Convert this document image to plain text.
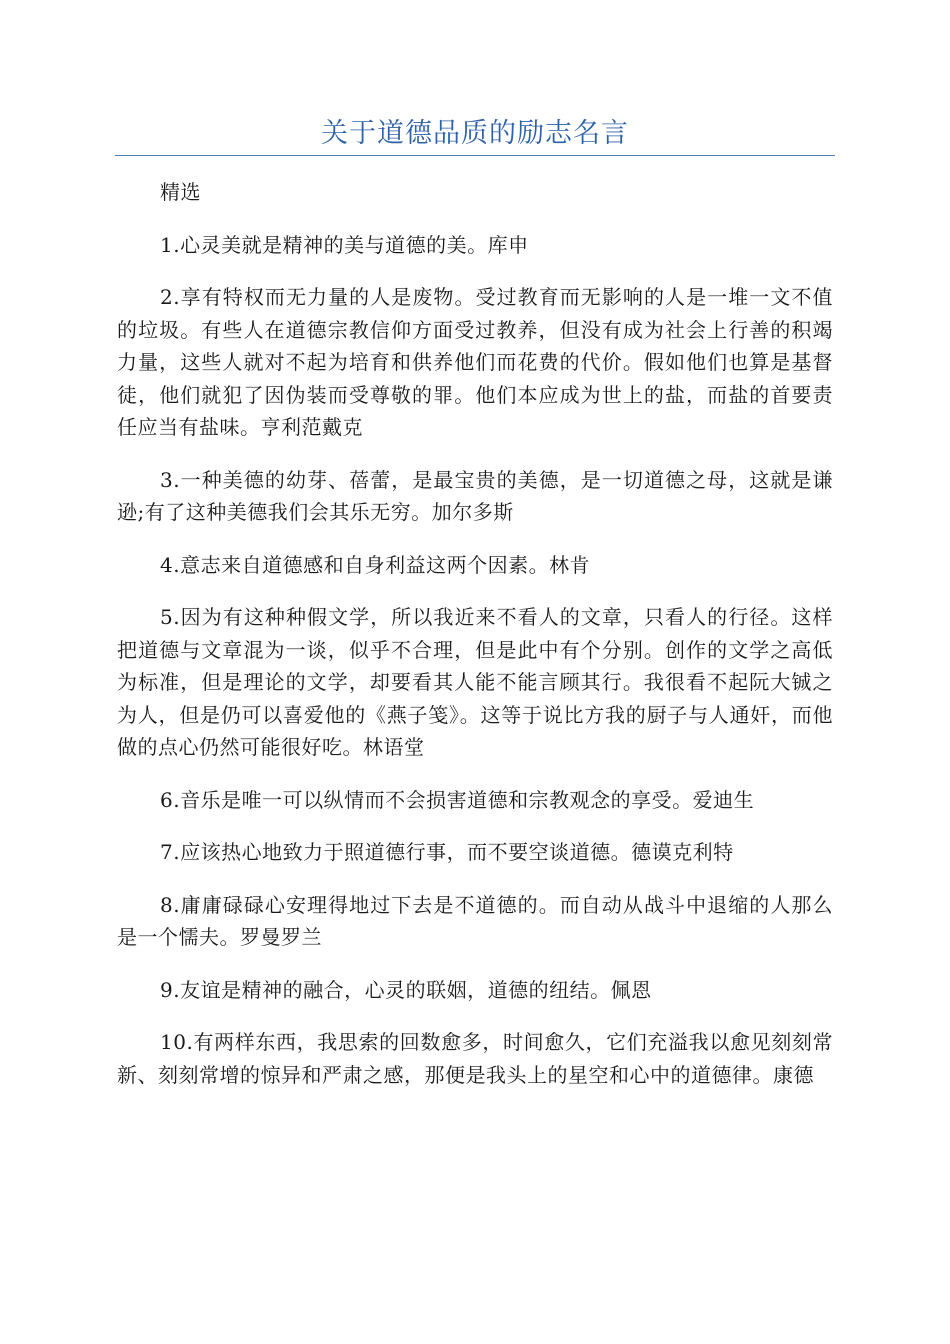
关于道德品质的励志名言

精选

1.心灵美就是精神的美与道德的美。库申

2.享有特权而无力量的人是废物。受过教育而无影响的人是一堆一文不值的垃圾。有些人在道德宗教信仰方面受过教养，但没有成为社会上行善的积竭力量，这些人就对不起为培育和供养他们而花费的代价。假如他们也算是基督徒，他们就犯了因伪装而受尊敬的罪。他们本应成为世上的盐，而盐的首要责任应当有盐味。亨利范戴克

3.一种美德的幼芽、蓓蕾，是最宝贵的美德，是一切道德之母，这就是谦逊;有了这种美德我们会其乐无穷。加尔多斯

4.意志来自道德感和自身利益这两个因素。林肯

5.因为有这种种假文学，所以我近来不看人的文章，只看人的行径。这样把道德与文章混为一谈，似乎不合理，但是此中有个分别。创作的文学之高低为标准，但是理论的文学，却要看其人能不能言顾其行。我很看不起阮大铖之为人，但是仍可以喜爱他的《燕子笺》。这等于说比方我的厨子与人通奸，而他做的点心仍然可能很好吃。林语堂

6.音乐是唯一可以纵情而不会损害道德和宗教观念的享受。爱迪生

7.应该热心地致力于照道德行事，而不要空谈道德。德谟克利特

8.庸庸碌碌心安理得地过下去是不道德的。而自动从战斗中退缩的人那么是一个懦夫。罗曼罗兰

9.友谊是精神的融合，心灵的联姻，道德的纽结。佩恩

10.有两样东西，我思索的回数愈多，时间愈久，它们充溢我以愈见刻刻常新、刻刻常增的惊异和严肃之感，那便是我头上的星空和心中的道德律。康德
